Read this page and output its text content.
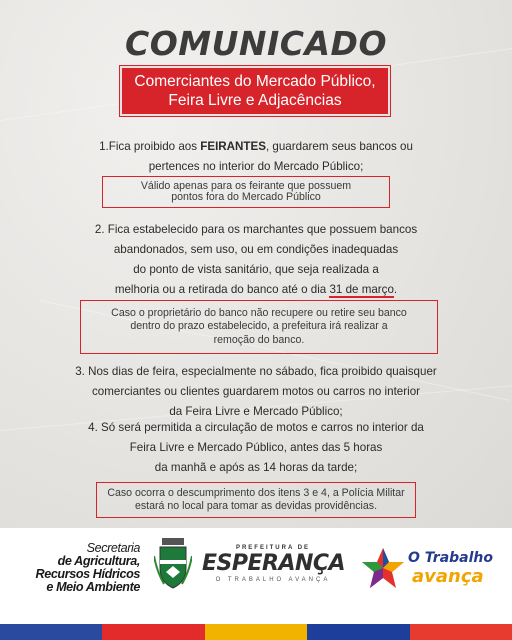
COMUNICADO
Comerciantes do Mercado Público,
Feira Livre e Adjacências
1.Fica proibido aos FEIRANTES, guardarem seus bancos ou
pertences no interior do Mercado Público;
Válido apenas para os feirante que possuem
pontos fora do Mercado Público
2. Fica estabelecido para os marchantes que possuem bancos
abandonados, sem uso, ou em condições inadequadas
do ponto de vista sanitário, que seja realizada a
melhoria ou a retirada do banco até o dia 31 de março.
Caso o proprietário do banco não recupere ou retire seu banco
dentro do prazo estabelecido, a prefeitura irá realizar a
remoção do banco.
3. Nos dias de feira, especialmente no sábado, fica proibido quaisquer
comerciantes ou clientes guardarem motos ou carros no interior
da Feira Livre e Mercado Público;
4. Só será permitida a circulação de motos e carros no interior da
Feira Livre e Mercado Público, antes das 5 horas
da manhã e após as 14 horas da tarde;
Caso ocorra o descumprimento dos itens 3 e 4, a Polícia Militar
estará no local para tomar as devidas providências.
Secretaria
de Agricultura,
Recursos Hídricos
e Meio Ambiente
PREFEITURA DE
ESPERANÇA
O TRABALHO AVANÇA
O Trabalho
avança
